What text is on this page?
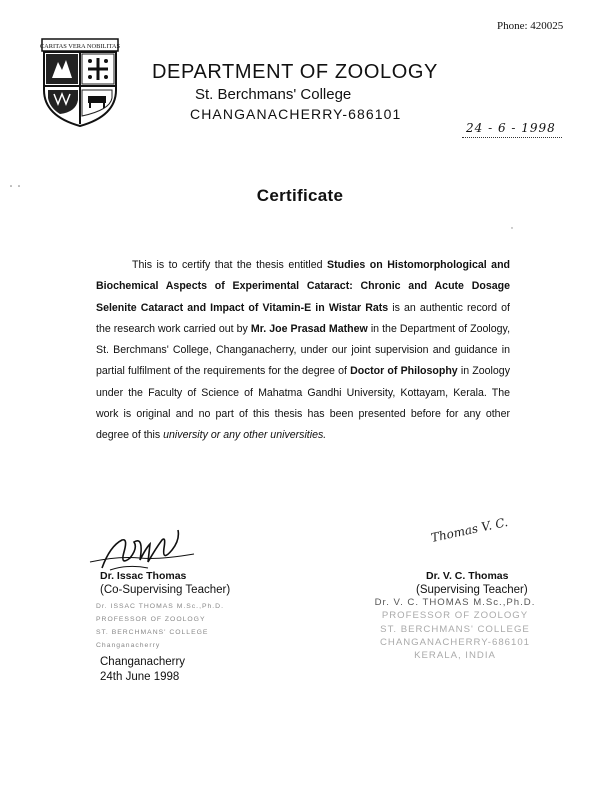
Phone: 420025
CARITAS VERA NOBILITAS
DEPARTMENT OF ZOOLOGY
St. Berchmans' College
CHANGANACHERRY-686101
24 - 6 - 1998
Certificate
This is to certify that the thesis entitled Studies on Histomorphological and Biochemical Aspects of Experimental Cataract: Chronic and Acute Dosage Selenite Cataract and Impact of Vitamin-E in Wistar Rats is an authentic record of the research work carried out by Mr. Joe Prasad Mathew in the Department of Zoology, St. Berchmans' College, Changanacherry, under our joint supervision and guidance in partial fulfilment of the requirements for the degree of Doctor of Philosophy in Zoology under the Faculty of Science of Mahatma Gandhi University, Kottayam, Kerala. The work is original and no part of this thesis has been presented before for any other degree of this university or any other universities.
Thomas V. C.
Dr. Issac Thomas
(Co-Supervising Teacher)
Dr. V. C. Thomas
(Supervising Teacher)
Dr. ISSAC THOMAS M.Sc.,Ph.D.
PROFESSOR OF ZOOLOGY
ST. BERCHMANS' COLLEGE
Changanacherry
Dr. V. C. THOMAS M.Sc.,Ph.D.
PROFESSOR OF ZOOLOGY
ST. BERCHMANS' COLLEGE
CHANGANACHERRY-686101
KERALA, INDIA
Changanacherry
24th June 1998
